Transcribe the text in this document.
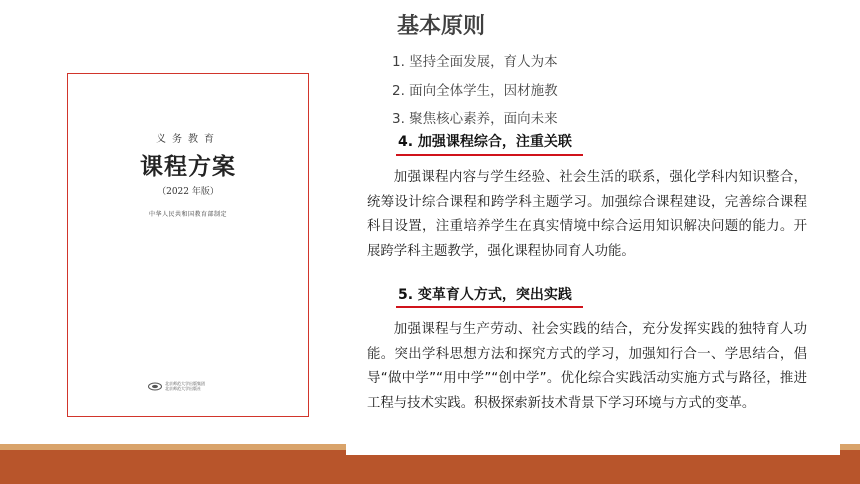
义务教育
课程方案
（2022 年版）
中华人民共和国教育部制定
北京师范大学出版集团
北京师范大学出版社
基本原则
1. 坚持全面发展，育人为本
2. 面向全体学生，因材施教
3. 聚焦核心素养，面向未来
4. 加强课程综合，注重关联
加强课程内容与学生经验、社会生活的联系，强化学科内知识整合，统筹设计综合课程和跨学科主题学习。加强综合课程建设，完善综合课程科目设置，注重培养学生在真实情境中综合运用知识解决问题的能力。开展跨学科主题教学，强化课程协同育人功能。
5. 变革育人方式，突出实践
加强课程与生产劳动、社会实践的结合，充分发挥实践的独特育人功能。突出学科思想方法和探究方式的学习，加强知行合一、学思结合，倡导“做中学”“用中学”“创中学”。优化综合实践活动实施方式与路径，推进工程与技术实践
。积极探索新技术背景下学习环境与方式的变革。
